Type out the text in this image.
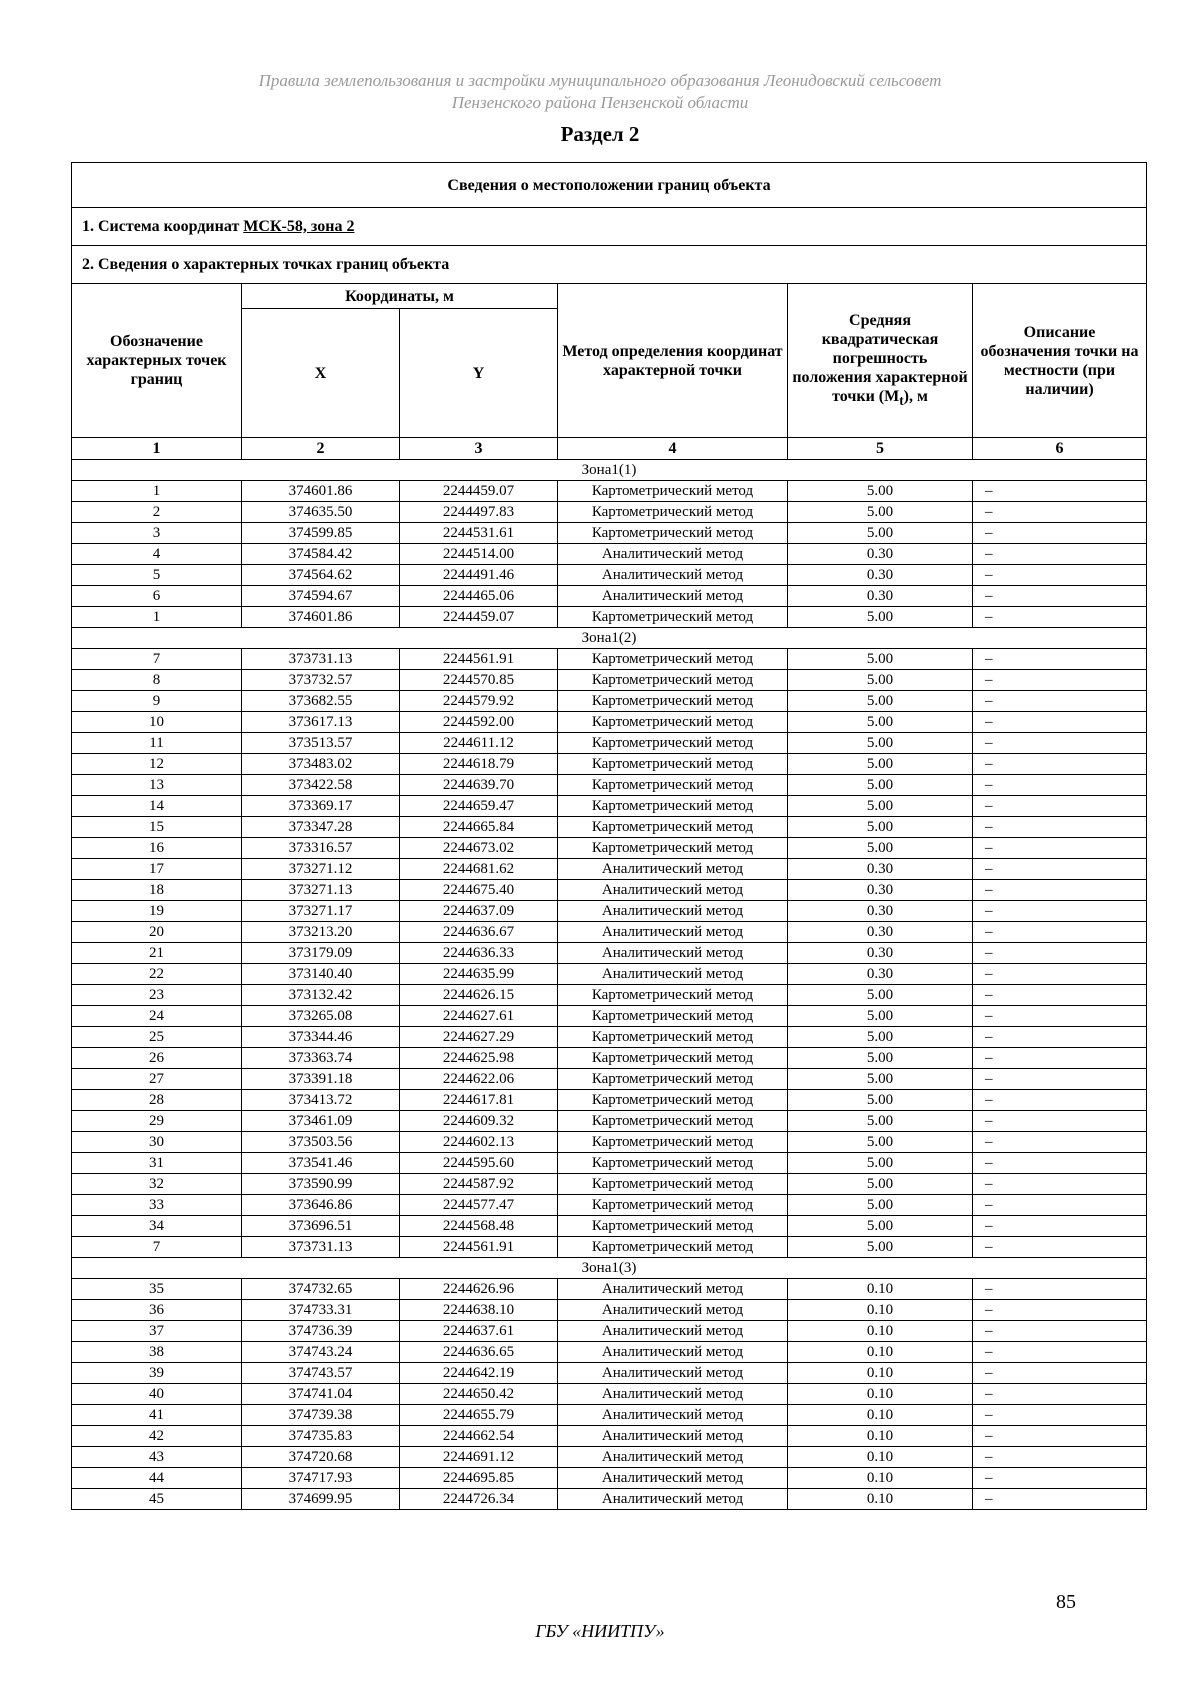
Правила землепользования и застройки муниципального образования Леонидовский сельсовет
Пензенского района Пензенской области
Раздел 2
Сведения о местоположении границ объекта					
1. Система координат МСК-58, зона 2					
2. Сведения о характерных точках границ объекта					
Обозначение характерных точек границ	Координаты, м		Метод определения координат характерной точки	Средняя квадратическая погрешность положения характерной точки $(М_t)$, м	Описание обозначения точки на местности (при наличии)
	X	Y			
1	2	3	4	5	6
Зона1(1)					
1	374601.86	2244459.07	Картометрический метод	5.00	–
2	374635.50	2244497.83	Картометрический метод	5.00	–
3	374599.85	2244531.61	Картометрический метод	5.00	–
4	374584.42	2244514.00	Аналитический метод	0.30	–
5	374564.62	2244491.46	Аналитический метод	0.30	–
6	374594.67	2244465.06	Аналитический метод	0.30	–
1	374601.86	2244459.07	Картометрический метод	5.00	–
Зона1(2)					
7	373731.13	2244561.91	Картометрический метод	5.00	–
8	373732.57	2244570.85	Картометрический метод	5.00	–
9	373682.55	2244579.92	Картометрический метод	5.00	–
10	373617.13	2244592.00	Картометрический метод	5.00	–
11	373513.57	2244611.12	Картометрический метод	5.00	–
12	373483.02	2244618.79	Картометрический метод	5.00	–
13	373422.58	2244639.70	Картометрический метод	5.00	–
14	373369.17	2244659.47	Картометрический метод	5.00	–
15	373347.28	2244665.84	Картометрический метод	5.00	–
16	373316.57	2244673.02	Картометрический метод	5.00	–
17	373271.12	2244681.62	Аналитический метод	0.30	–
18	373271.13	2244675.40	Аналитический метод	0.30	–
19	373271.17	2244637.09	Аналитический метод	0.30	–
20	373213.20	2244636.67	Аналитический метод	0.30	–
21	373179.09	2244636.33	Аналитический метод	0.30	–
22	373140.40	2244635.99	Аналитический метод	0.30	–
23	373132.42	2244626.15	Картометрический метод	5.00	–
24	373265.08	2244627.61	Картометрический метод	5.00	–
25	373344.46	2244627.29	Картометрический метод	5.00	–
26	373363.74	2244625.98	Картометрический метод	5.00	–
27	373391.18	2244622.06	Картометрический метод	5.00	–
28	373413.72	2244617.81	Картометрический метод	5.00	–
29	373461.09	2244609.32	Картометрический метод	5.00	–
30	373503.56	2244602.13	Картометрический метод	5.00	–
31	373541.46	2244595.60	Картометрический метод	5.00	–
32	373590.99	2244587.92	Картометрический метод	5.00	–
33	373646.86	2244577.47	Картометрический метод	5.00	–
34	373696.51	2244568.48	Картометрический метод	5.00	–
7	373731.13	2244561.91	Картометрический метод	5.00	–
Зона1(3)					
35	374732.65	2244626.96	Аналитический метод	0.10	–
36	374733.31	2244638.10	Аналитический метод	0.10	–
37	374736.39	2244637.61	Аналитический метод	0.10	–
38	374743.24	2244636.65	Аналитический метод	0.10	–
39	374743.57	2244642.19	Аналитический метод	0.10	–
40	374741.04	2244650.42	Аналитический метод	0.10	–
41	374739.38	2244655.79	Аналитический метод	0.10	–
42	374735.83	2244662.54	Аналитический метод	0.10	–
43	374720.68	2244691.12	Аналитический метод	0.10	–
44	374717.93	2244695.85	Аналитический метод	0.10	–
45	374699.95	2244726.34	Аналитический метод	0.10	–
85
ГБУ «НИИТПУ»
